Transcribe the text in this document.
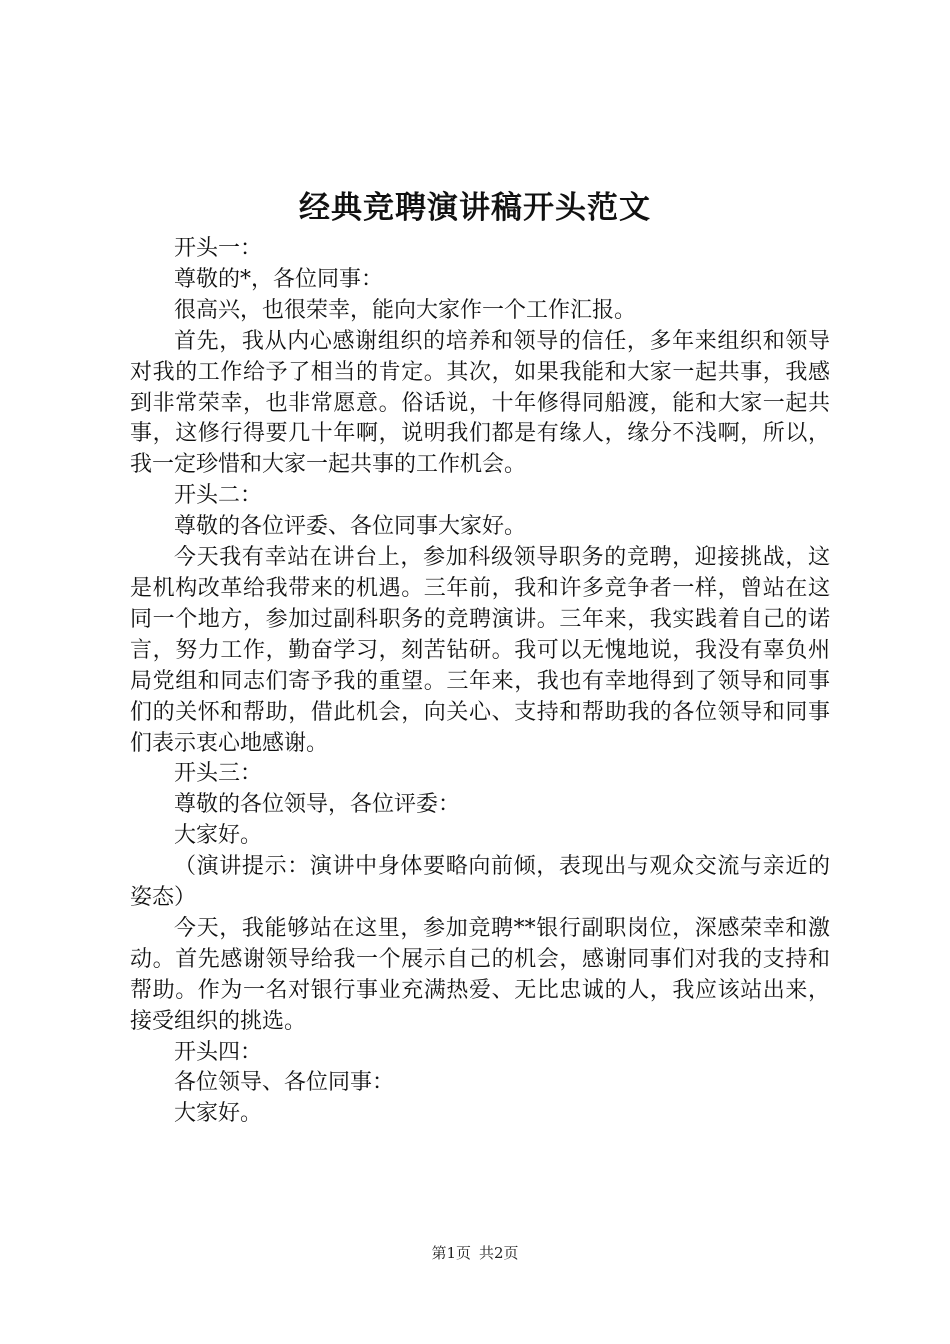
经典竞聘演讲稿开头范文

开头一：

尊敬的*，各位同事：

很高兴，也很荣幸，能向大家作一个工作汇报。

首先，我从内心感谢组织的培养和领导的信任，多年来组织和领导对我的工作给予了相当的肯定。其次，如果我能和大家一起共事，我感到非常荣幸，也非常愿意。俗话说，十年修得同船渡，能和大家一起共事，这修行得要几十年啊，说明我们都是有缘人，缘分不浅啊，所以，我一定珍惜和大家一起共事的工作机会。

开头二：

尊敬的各位评委、各位同事大家好。

今天我有幸站在讲台上，参加科级领导职务的竞聘，迎接挑战，这是机构改革给我带来的机遇。三年前，我和许多竞争者一样，曾站在这同一个地方，参加过副科职务的竞聘演讲。三年来，我实践着自己的诺言，努力工作，勤奋学习，刻苦钻研。我可以无愧地说，我没有辜负州局党组和同志们寄予我的重望。三年来，我也有幸地得到了领导和同事们的关怀和帮助，借此机会，向关心、支持和帮助我的各位领导和同事们表示衷心地感谢。

开头三：

尊敬的各位领导，各位评委：

大家好。

（演讲提示：演讲中身体要略向前倾，表现出与观众交流与亲近的姿态）

今天，我能够站在这里，参加竞聘**银行副职岗位，深感荣幸和激动。首先感谢领导给我一个展示自己的机会，感谢同事们对我的支持和帮助。作为一名对银行事业充满热爱、无比忠诚的人，我应该站出来，接受组织的挑选。

开头四：

各位领导、各位同事：

大家好。

第1页 共2页
